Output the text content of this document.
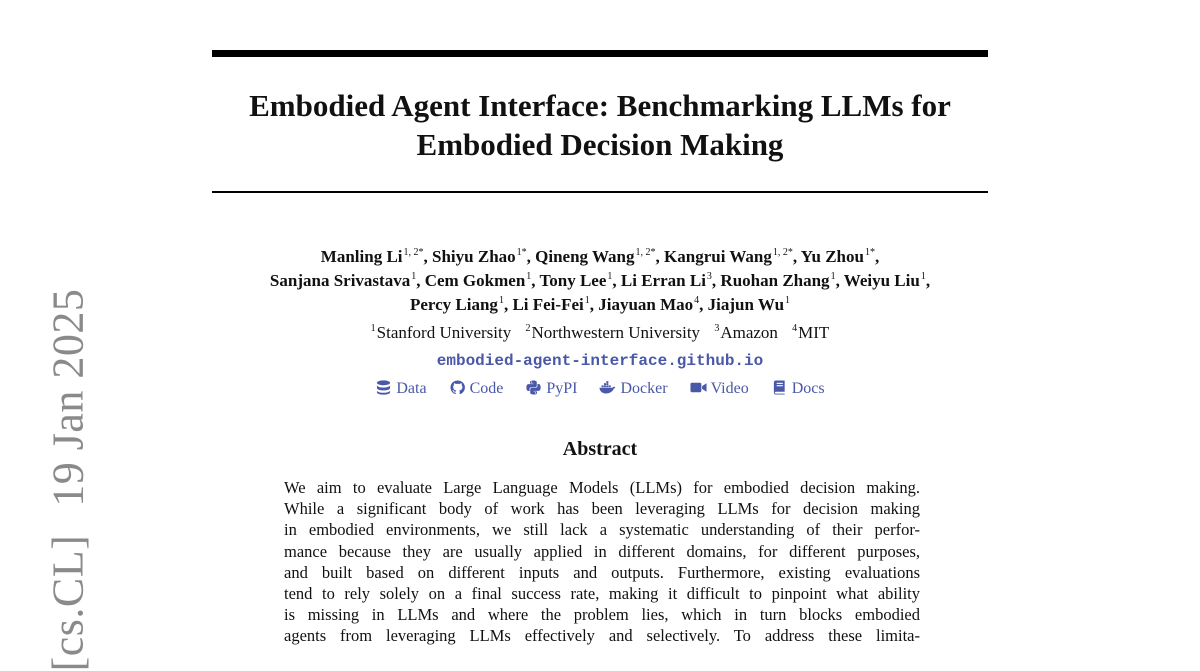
[cs.CL]19 Jan 2025
Embodied Agent Interface: Benchmarking LLMs for
Embodied Decision Making
Manling $Li^{1, 2*}$, Shiyu Zhao$^{1*}$, Qineng Wang$^{1, 2*}$, Kangrui Wang$^{1, 2*}$, Yu Zhou$^{1*}$,
Sanjana Srivastava$^1$, Cem Gokmen$^1$, Tony Lee$^1$, Li Erran Li$^3$, Ruohan Zhang$^1$, Weiyu Liu$^1$,
Percy Liang$^1$, Li Fei-Fei$^1$, Jiayuan Mao$^4$, Jiajun Wu$^1$
$^1$Stanford University $^2$Northwestern University $^3$Amazon $^4$MIT
embodied-agent-interface.github.io
Data	Code	PyPI	Docker	Video	Docs
Abstract
We aim to evaluate Large Language Models (LLMs) for embodied decision making.
While a significant body of work has been leveraging LLMs for decision making
in embodied environments, we still lack a systematic understanding of their perfor-
mance because they are usually applied in different domains, for different purposes,
and built based on different inputs and outputs. Furthermore, existing evaluations
tend to rely solely on a final success rate, making it difficult to pinpoint what ability
is missing in LLMs and where the problem lies, which in turn blocks embodied
agents from leveraging LLMs effectively and selectively. To address these limita-
